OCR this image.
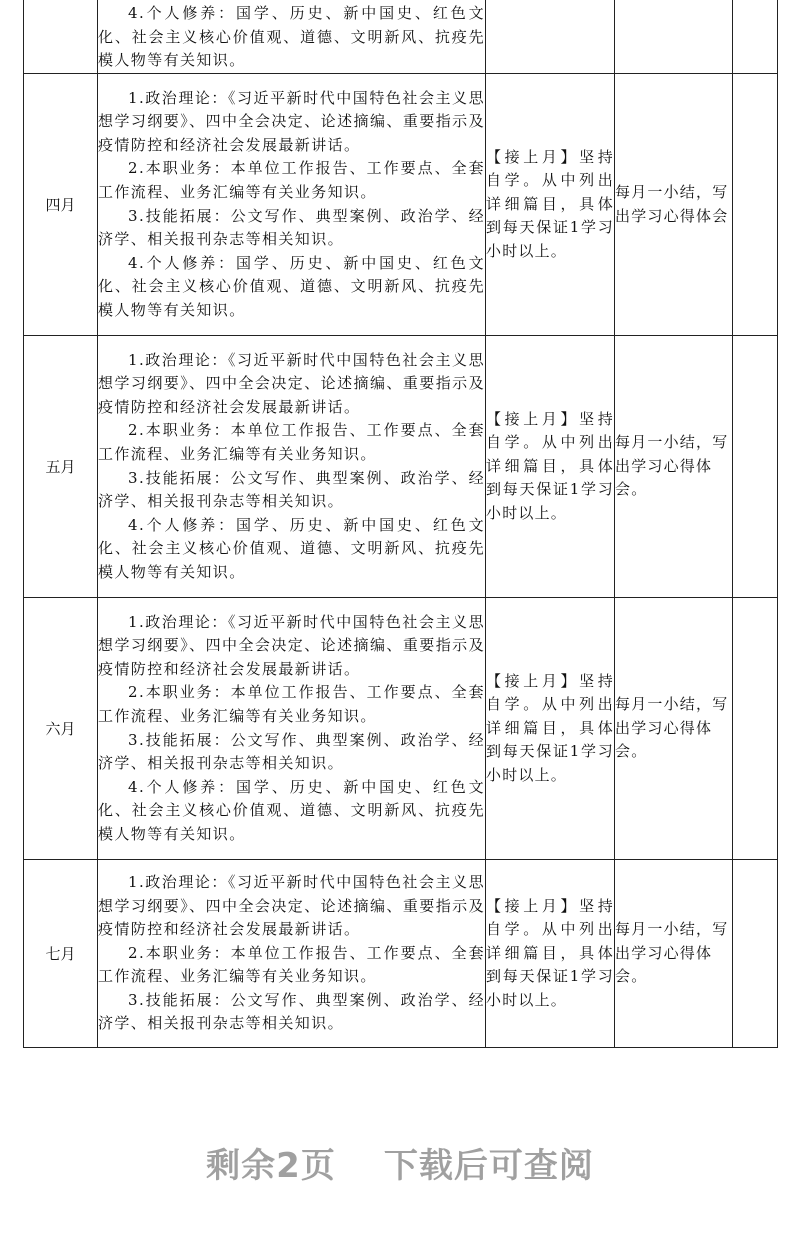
	4.个人修养：国学、历史、新中国史、红色文化、社会主义核心价值观、道德、文明新风、抗疫先模人物等有关知识。			

四月	1.政治理论：《习近平新时代中国特色社会主义思想学习纲要》、四中全会决定、论述摘编、重要指示及疫情防控和经济社会发展最新讲话。

2.本职业务：本单位工作报告、工作要点、全套工作流程、业务汇编等有关业务知识。

3.技能拓展：公文写作、典型案例、政治学、经济学、相关报刊杂志等相关知识。

4.个人修养：国学、历史、新中国史、红色文化、社会主义核心价值观、道德、文明新风、抗疫先模人物等有关知识。	【接上月】坚持自学。从中列出详细篇目，具体到每天保证1学习小时以上。	每月一小结，写出学习心得体会	
五月	1.政治理论：《习近平新时代中国特色社会主义思想学习纲要》、四中全会决定、论述摘编、重要指示及疫情防控和经济社会发展最新讲话。

2.本职业务：本单位工作报告、工作要点、全套工作流程、业务汇编等有关业务知识。

3.技能拓展：公文写作、典型案例、政治学、经济学、相关报刊杂志等相关知识。

4.个人修养：国学、历史、新中国史、红色文化、社会主义核心价值观、道德、文明新风、抗疫先模人物等有关知识。	【接上月】坚持自学。从中列出详细篇目，具体到每天保证1学习小时以上。	每月一小结，写出学习心得体会。	
六月	1.政治理论：《习近平新时代中国特色社会主义思想学习纲要》、四中全会决定、论述摘编、重要指示及疫情防控和经济社会发展最新讲话。

2.本职业务：本单位工作报告、工作要点、全套工作流程、业务汇编等有关业务知识。

3.技能拓展：公文写作、典型案例、政治学、经济学、相关报刊杂志等相关知识。

4.个人修养：国学、历史、新中国史、红色文化、社会主义核心价值观、道德、文明新风、抗疫先模人物等有关知识。	【接上月】坚持自学。从中列出详细篇目，具体到每天保证1学习小时以上。	每月一小结，写出学习心得体会。	
七月	1.政治理论：《习近平新时代中国特色社会主义思想学习纲要》、四中全会决定、论述摘编、重要指示及疫情防控和经济社会发展最新讲话。

2.本职业务：本单位工作报告、工作要点、全套工作流程、业务汇编等有关业务知识。

3.技能拓展：公文写作、典型案例、政治学、经济学、相关报刊杂志等相关知识。	【接上月】坚持自学。从中列出详细篇目，具体到每天保证1学习小时以上。	每月一小结，写出学习心得体会。	
剩余2页 下载后可查阅
